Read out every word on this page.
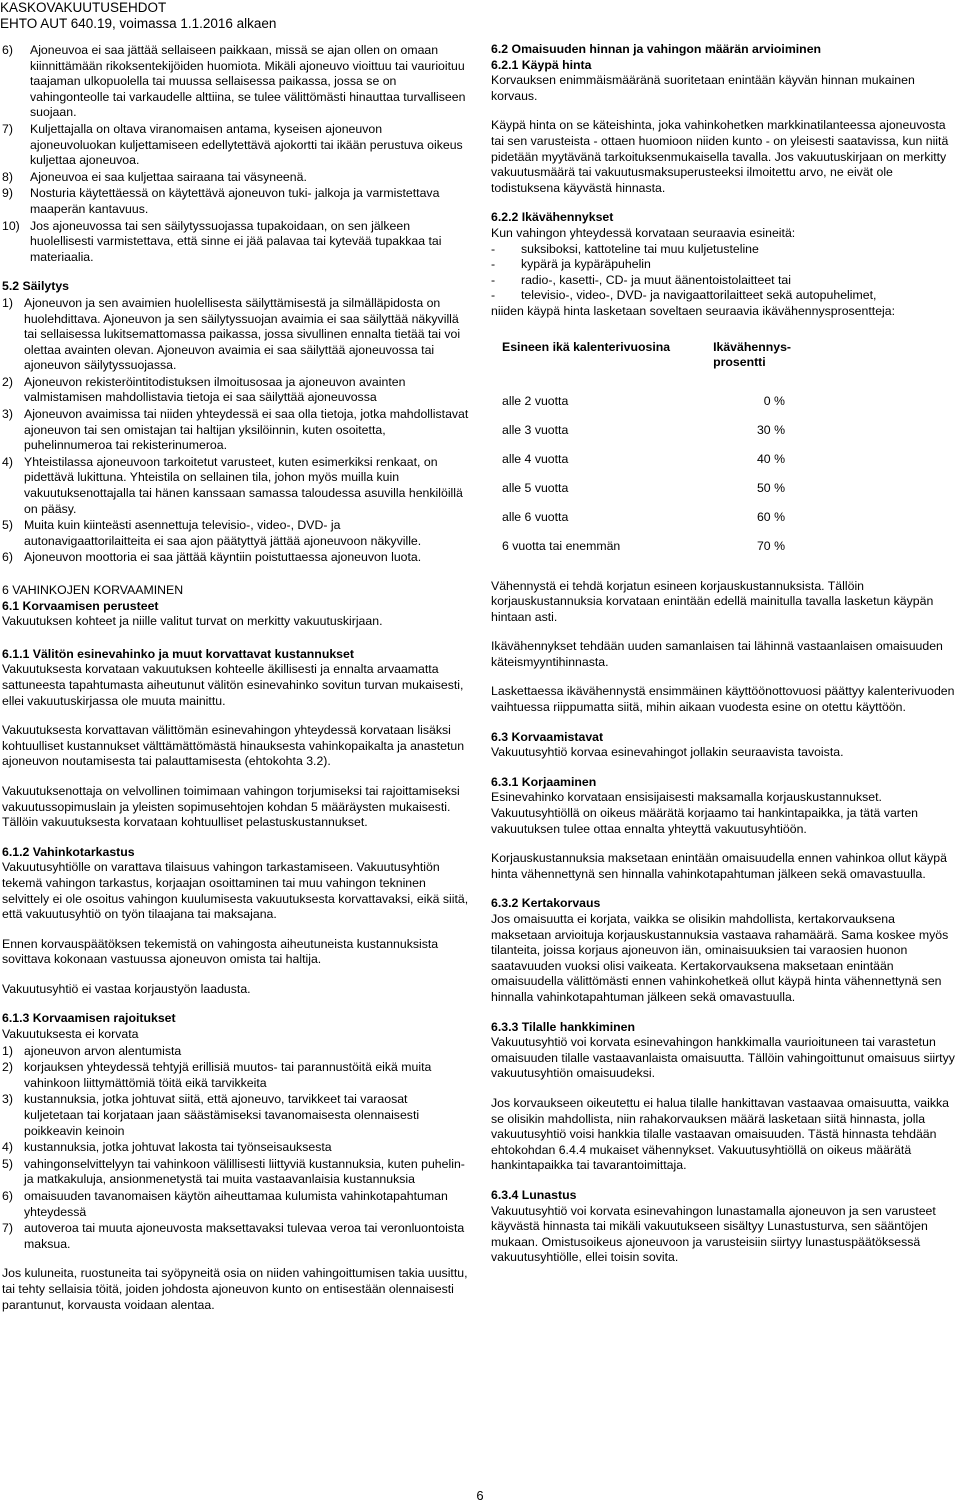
KASKOVAKUUTUSEHDOT
EHTO AUT 640.19, voimassa 1.1.2016 alkaen
6)	Ajoneuvoa ei saa jättää sellaiseen paikkaan, missä se ajan ollen on omaan kiinnittämään rikoksentekijöiden huomiota. Mikäli ajoneuvo vioittuu tai vaurioituu taajaman ulkopuolella tai muussa sellaisessa paikassa, jossa se on vahingonteolle tai varkaudelle alttiina, se tulee välittömästi hinauttaa turvalliseen suojaan.
7)	Kuljettajalla on oltava viranomaisen antama, kyseisen ajoneuvon ajoneuvoluokan kuljettamiseen edellytettävä ajokortti tai ikään perustuva oikeus kuljettaa ajoneuvoa.
8)	Ajoneuvoa ei saa kuljettaa sairaana tai väsyneenä.
9)	Nosturia käytettäessä on käytettävä ajoneuvon tuki- jalkoja ja varmistettava maaperän kantavuus.
10) Jos ajoneuvossa tai sen säilytyssuojassa tupakoidaan, on sen jälkeen huolellisesti varmistettava, että sinne ei jää palavaa tai kytevää tupakkaa tai materiaalia.
5.2 Säilytys
1) Ajoneuvon ja sen avaimien huolellisesta säilyttämisestä ja silmälläpidosta on huolehdittava. Ajoneuvon ja sen säilytyssuojan avaimia ei saa säilyttää näkyvillä tai sellaisessa lukitsemattomassa paikassa, jossa sivullinen ennalta tietää tai voi olettaa avainten olevan. Ajoneuvon avaimia ei saa säilyttää ajoneuvossa tai ajoneuvon säilytyssuojassa.
2) Ajoneuvon rekisteröintitodistuksen ilmoitusosaa ja ajoneuvon avainten valmistamisen mahdollistavia tietoja ei saa säilyttää ajoneuvossa
3) Ajoneuvon avaimissa tai niiden yhteydessä ei saa olla tietoja, jotka mahdollistavat ajoneuvon tai sen omistajan tai haltijan yksilöinnin, kuten osoitetta, puhelinnumeroa tai rekisterinumeroa.
4) Yhteistilassa ajoneuvoon tarkoitetut varusteet, kuten esimerkiksi renkaat, on pidettävä lukittuna. Yhteistila on sellainen tila, johon myös muilla kuin vakuutuksenottajalla tai hänen kanssaan samassa taloudessa asuvilla henkilöillä on pääsy.
5) Muita kuin kiinteästi asennettuja televisio-, video-, DVD- ja autonavigaattorilaitteita ei saa ajon päätyttyä jättää ajoneuvoon näkyville.
6) Ajoneuvon moottoria ei saa jättää käyntiin poistuttaessa ajoneuvon luota.
6 VAHINKOJEN KORVAAMINEN
6.1 Korvaamisen perusteet
Vakuutuksen kohteet ja niille valitut turvat on merkitty vakuutuskirjaan.
6.1.1 Välitön esinevahinko ja muut korvattavat kustannukset
Vakuutuksesta korvataan vakuutuksen kohteelle äkillisesti ja ennalta arvaamatta sattuneesta tapahtumasta aiheutunut välitön esinevahinko sovitun turvan mukaisesti, ellei vakuutuskirjassa ole muuta mainittu.
Vakuutuksesta korvattavan välittömän esinevahingon yhteydessä korvataan lisäksi kohtuulliset kustannukset välttämättömästä hinauksesta vahinkopaikalta ja anastetun ajoneuvon noutamisesta tai palauttamisesta (ehtokohta 3.2).
Vakuutuksenottaja on velvollinen toimimaan vahingon torjumiseksi tai rajoittamiseksi vakuutussopimuslain ja yleisten sopimusehtojen kohdan 5 määräysten mukaisesti. Tällöin vakuutuksesta korvataan kohtuulliset pelastuskustannukset.
6.1.2 Vahinkotarkastus
Vakuutusyhtiölle on varattava tilaisuus vahingon tarkastamiseen. Vakuutusyhtiön tekemä vahingon tarkastus, korjaajan osoittaminen tai muu vahingon tekninen selvittely ei ole osoitus vahingon kuulumisesta vakuutuksesta korvattavaksi, eikä siitä, että vakuutusyhtiö on työn tilaajana tai maksajana.
Ennen korvauspäätöksen tekemistä on vahingosta aiheutuneista kustannuksista sovittava kokonaan vastuussa ajoneuvon omista tai haltija.
Vakuutusyhtiö ei vastaa korjaustyön laadusta.
6.1.3 Korvaamisen rajoitukset
Vakuutuksesta ei korvata
1) ajoneuvon arvon alentumista
2) korjauksen yhteydessä tehtyjä erillisiä muutos- tai parannustöitä eikä muita vahinkoon liittymättömiä töitä eikä tarvikkeita
3) kustannuksia, jotka johtuvat siitä, että ajoneuvo, tarvikkeet tai varaosat kuljetetaan tai korjataan jaan säästämiseksi tavanomaisesta olennaisesti poikkeavin keinoin
4) kustannuksia, jotka johtuvat lakosta tai työnseisauksesta
5) vahingonselvittelyyn tai vahinkoon välillisesti liittyviä kustannuksia, kuten puhelin- ja matkakuluja, ansionmenetystä tai muita vastaavanlaisia kustannuksia
6) omaisuuden tavanomaisen käytön aiheuttamaa kulumista vahinkotapahtuman yhteydessä
7) autoveroa tai muuta ajoneuvosta maksettavaksi tulevaa veroa tai veronluontoista maksua.
Jos kuluneita, ruostuneita tai syöpyneitä osia on niiden vahingoittumisen takia uusittu, tai tehty sellaisia töitä, joiden johdosta ajoneuvon kunto on entisestään olennaisesti parantunut, korvausta voidaan alentaa.
6.2 Omaisuuden hinnan ja vahingon määrän arvioiminen
6.2.1 Käypä hinta
Korvauksen enimmäismääränä suoritetaan enintään käyvän hinnan mukainen korvaus.
Käypä hinta on se käteishinta, joka vahinkohetken markkinatilanteessa ajoneuvosta tai sen varusteista - ottaen huomioon niiden kunto - on yleisesti saatavissa, kun niitä pidetään myytävänä tarkoituksenmukaisella tavalla. Jos vakuutuskirjaan on merkitty vakuutusmäärä tai vakuutusmaksuperusteeksi ilmoitettu arvo, ne eivät ole todistuksena käyvästä hinnasta.
6.2.2 Ikävähennykset
Kun vahingon yhteydessä korvataan seuraavia esineitä:
-	suksiboksi, kattoteline tai muu kuljetusteline
-	kypärä ja kypäräpuhelin
-	radio-, kasetti-, CD- ja muut äänentoistolaitteet tai
-	televisio-, video-, DVD- ja navigaattorilaitteet sekä autopuhelimet,
niiden käypä hinta lasketaan soveltaen seuraavia ikävähennysprosentteja:
Esineen ikä kalenterivuosina	Ikävähennys-prosentti
alle 2 vuotta	0 %
alle 3 vuotta	30 %
alle 4 vuotta	40 %
alle 5 vuotta	50 %
alle 6 vuotta	60 %
6 vuotta tai enemmän	70 %
Vähennystä ei tehdä korjatun esineen korjauskustannuksista. Tällöin korjauskustannuksia korvataan enintään edellä mainitulla tavalla lasketun käypän hintaan asti.
Ikävähennykset tehdään uuden samanlaisen tai lähinnä vastaanlaisen omaisuuden käteismyyntihinnasta.
Laskettaessa ikävähennystä ensimmäinen käyttöönottovuosi päättyy kalenterivuoden vaihtuessa riippumatta siitä, mihin aikaan vuodesta esine on otettu käyttöön.
6.3 Korvaamistavat
Vakuutusyhtiö korvaa esinevahingot jollakin seuraavista tavoista.
6.3.1 Korjaaminen
Esinevahinko korvataan ensisijaisesti maksamalla korjauskustannukset. Vakuutusyhtiöllä on oikeus määrätä korjaamo tai hankintapaikka, ja tätä varten vakuutuksen tulee ottaa ennalta yhteyttä vakuutusyhtiöön.
Korjauskustannuksia maksetaan enintään omaisuudella ennen vahinkoa ollut käypä hinta vähennettynä sen hinnalla vahinkotapahtuman jälkeen sekä omavastuulla.
6.3.2 Kertakorvaus
Jos omaisuutta ei korjata, vaikka se olisikin mahdollista, kertakorvauksena maksetaan arvioituja korjauskustannuksia vastaava rahamäärä. Sama koskee myös tilanteita, joissa korjaus ajoneuvon iän, ominaisuuksien tai varaosien huonon saatavuuden vuoksi olisi vaikeata. Kertakorvauksena maksetaan enintään omaisuudella välittömästi ennen vahinkohetkeä ollut käypä hinta vähennettynä sen hinnalla vahinkotapahtuman jälkeen sekä omavastuulla.
6.3.3 Tilalle hankkiminen
Vakuutusyhtiö voi korvata esinevahingon hankkimalla vaurioituneen tai varastetun omaisuuden tilalle vastaavanlaista omaisuutta. Tällöin vahingoittunut omaisuus siirtyy vakuutusyhtiön omaisuudeksi.
Jos korvaukseen oikeutettu ei halua tilalle hankittavan vastaavaa omaisuutta, vaikka se olisikin mahdollista, niin rahakorvauksen määrä lasketaan siitä hinnasta, jolla vakuutusyhtiö voisi hankkia tilalle vastaavan omaisuuden. Tästä hinnasta tehdään ehtokohdan 6.4.4 mukaiset vähennykset. Vakuutusyhtiöllä on oikeus määrätä hankintapaikka tai tavarantoimittaja.
6.3.4 Lunastus
Vakuutusyhtiö voi korvata esinevahingon lunastamalla ajoneuvon ja sen varusteet käyvästä hinnasta tai mikäli vakuutukseen sisältyy Lunastusturva, sen sääntöjen mukaan. Omistusoikeus ajoneuvoon ja varusteisiin siirtyy lunastuspäätöksessä vakuutusyhtiölle, ellei toisin sovita.
6
